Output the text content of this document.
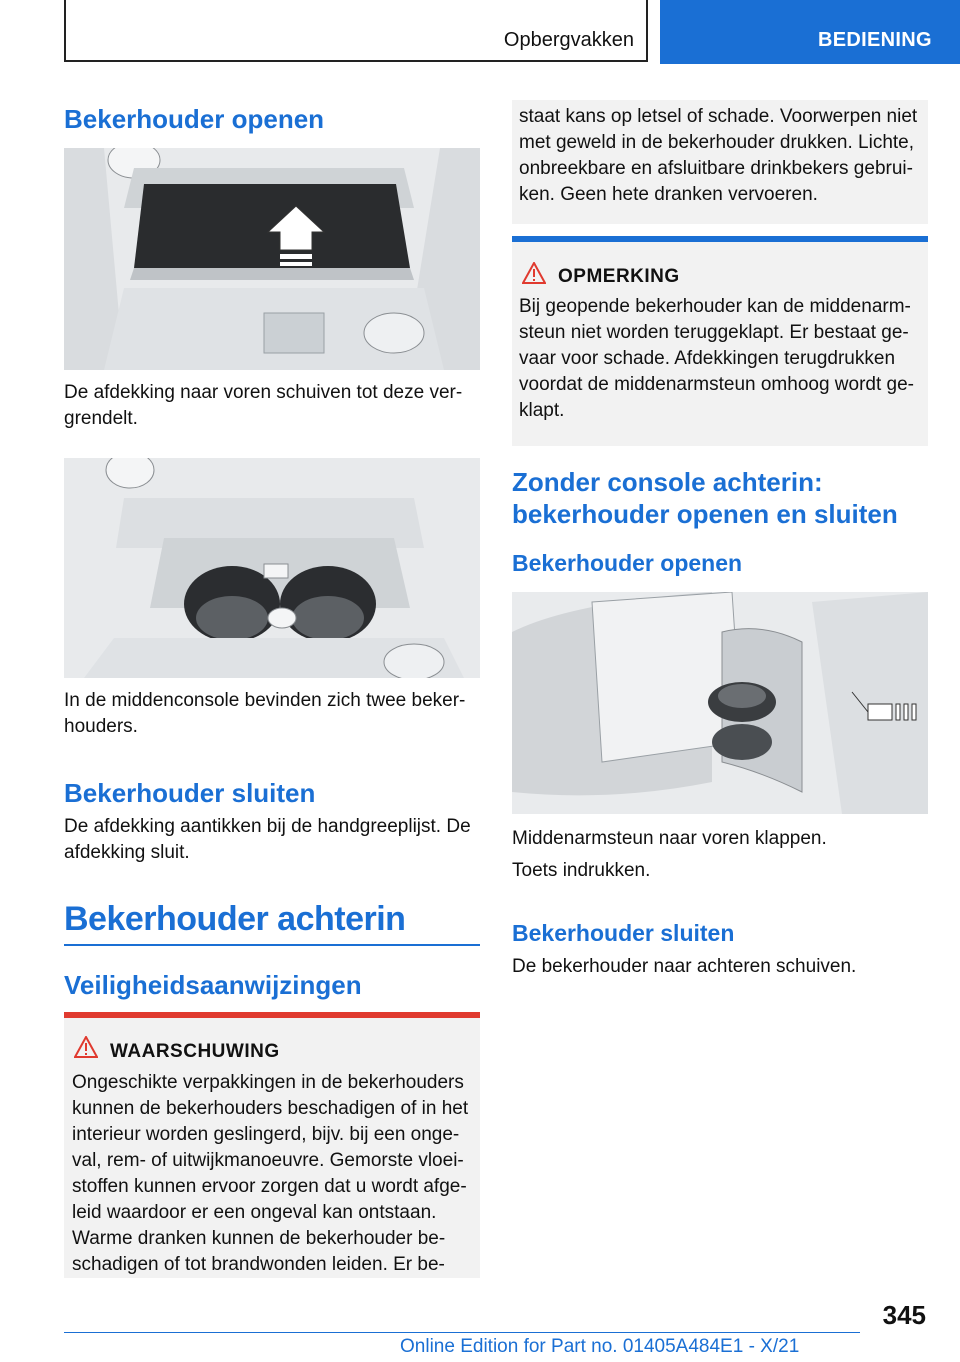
Opbergvakken	BEDIENING
Bekerhouder openen

De afdekking naar voren schuiven tot deze ver-
grendelt.

In de middenconsole bevinden zich twee beker-
houders.

Bekerhouder sluiten

De afdekking aantikken bij de handgreeplijst. De
afdekking sluit.

Bekerhouder achterin
Veiligheidsaanwijzingen
WAARSCHUWING

Ongeschikte verpakkingen in de bekerhouders
kunnen de bekerhouders beschadigen of in het
interieur worden geslingerd, bijv. bij een onge-
val, rem- of uitwijkmanoeuvre. Gemorste vloei-
stoffen kunnen ervoor zorgen dat u wordt afge-
leid waardoor er een ongeval kan ontstaan.
Warme dranken kunnen de bekerhouder be-
schadigen of tot brandwonden leiden. Er be-

staat kans op letsel of schade. Voorwerpen niet
met geweld in de bekerhouder drukken. Lichte,
onbreekbare en afsluitbare drinkbekers gebrui-
ken. Geen hete dranken vervoeren.

OPMERKING

Bij geopende bekerhouder kan de middenarm-
steun niet worden teruggeklapt. Er bestaat ge-
vaar voor schade. Afdekkingen terugdrukken
voordat de middenarmsteun omhoog wordt ge-
klapt.

Zonder console achterin:
bekerhouder openen en sluiten
Bekerhouder openen

Middenarmsteun naar voren klappen.

Toets indrukken.

Bekerhouder sluiten

De bekerhouder naar achteren schuiven.

345
Online Edition for Part no. 01405A484E1 - X/21
